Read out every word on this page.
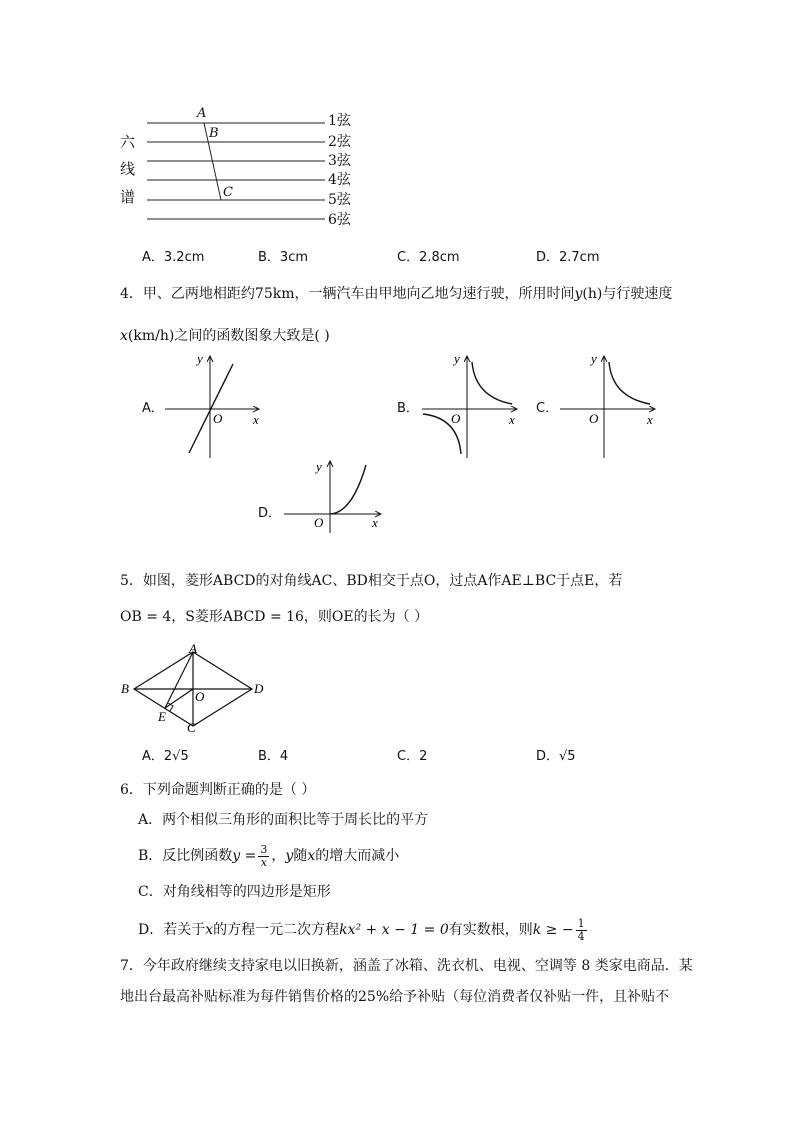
六
线
谱
A
B
C
1弦
2弦
3弦
4弦
5弦
6弦
A．3.2cm	B．3cm	C．2.8cm	D．2.7cm
4．甲、乙两地相距约75km，一辆汽车由甲地向乙地匀速行驶，所用时间y(h)与行驶速度
x(km/h)之间的函数图象大致是( )
A．
y
x
O
B．
y
x
O
C．
y
x
O
D．
y
x
O
5．如图，菱形ABCD的对角线AC、BD相交于点O，过点A作AE⊥BC于点E，若
OB = 4，S菱形ABCD = 16，则OE的长为（ ）
A
B
C
D
E
O
A．2√5	B．4	C．2	D．√5
6．下列命题判断正确的是（ ）
A．两个相似三角形的面积比等于周长比的平方
B．反比例函数$y = \frac{3}{x}$ ，y随x的增大而减小
C．对角线相等的四边形是矩形
D．若关于x的方程一元二次方程kx² + x − 1 = 0有实数根，则k ≥ − $\frac{1}{4}$
7．今年政府继续支持家电以旧换新，涵盖了冰箱、洗衣机、电视、空调等 8 类家电商品．某
地出台最高补贴标准为每件销售价格的25%给予补贴（每位消费者仅补贴一件，且补贴不
